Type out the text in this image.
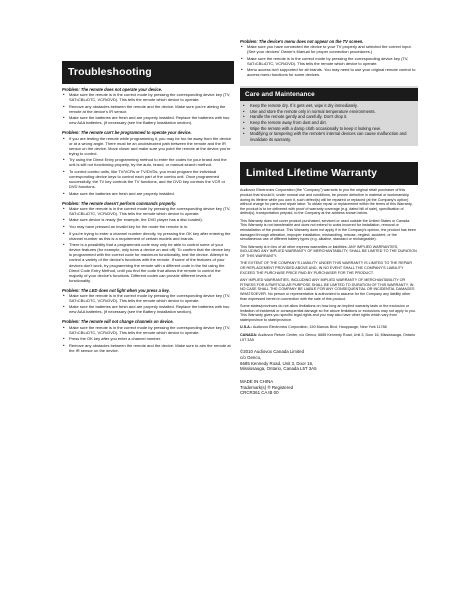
Troubleshooting
Problem: The remote does not operate your device.
• Make sure the remote is in the correct mode by pressing the corresponding device key (TV, SAT•CBL•DTC, VCR•DVD). This tells the remote which device to operate.
• Remove any obstacles between the remote and the device. Make sure you're aiming the remote at the device's IR sensor.
• Make sure the batteries are fresh and are properly installed. Replace the batteries with two new AAA batteries, (if necessary (see the Battery Installation section).
Problem: The remote can't be programmed to operate your device.
• If you are testing the remote while programming it, you may be too far away from the device or at a wrong angle. There must be an unobstructed path between the remote and the IR sensor on the device. Move closer and make sure you point the remote at the device you're trying to control.
• Try using the Direct Entry programming method to enter the codes for your brand and the unit is still not functioning properly, try the auto, brand, or manual search method.
• To control combo units, like TV/VCRs or TV/DVDs, you must program the individual corresponding device keys to control each part of the combo unit. Once programmed successfully, the TV key controls the TV functions, and the DVD key controls the VCR or DVD functions.
• Make sure the batteries are fresh and are properly installed.
Problem: The remote doesn't perform commands properly.
• Make sure the remote is in the correct mode by pressing the corresponding device key (TV, SAT•CBL•DTC, VCR•DVD). This tells the remote which device to operate.
• Make sure device is ready (for example, the DVD player has a disc loaded).
• You may have pressed an invalid key for the mode the remote is in.
• If you're trying to enter a channel number directly, try pressing the OK key after entering the channel number as this is a requirement of certain models and brands.
• There is a possibility that a programmed code may only be able to control some of your device features (for example, only turns a device on and off). To confirm that the device key is programmed with the correct code for maximum functionality, test the device. Attempt to control a variety of the device's functions with the remote. If some of the features of your devices don't work, try programming the remote with a different code in the list using the Direct Code Entry Method, until you find the code that allows the remote to control the majority of your device's functions. Different codes can provide different levels of functionality.
Problem: The LED does not light when you press a key.
• Make sure the remote is in the correct mode by pressing the corresponding device key (TV, SAT•CBL•DTC, VCR•DVD). This tells the remote which device to operate.
• Make sure the batteries are fresh and are properly installed. Replace the batteries with two new AAA batteries, (if necessary (see the Battery Installation section).
Problem: The remote will not change channels on device.
• Make sure the remote is in the correct mode by pressing the corresponding device key (TV, SAT•CBL•DTC, VCR•DVD). This tells the remote which device to operate.
• Press the OK key after you enter a channel number.
• Remove any obstacles between the remote and the device. Make sure to aim the remote at the IR sensor on the device.
Problem: The device's menu does not appear on the TV screen.
• Make sure you have connected the device to your TV properly and selected the correct input. (See your devices' Owner's Manual for proper connection procedures.)
• Make sure the remote is in the correct mode by pressing the corresponding device key (TV, SAT•CBL•DTC, VCR•DVD). This tells the remote which device to operate.
• Menu access isn't supported for all brands. You may need to use your original remote control to access menu functions for some devices.
Care and Maintenance
• Keep the remote dry. If it gets wet, wipe it dry immediately.
• Use and store the remote only in normal temperature environments.
• Handle the remote gently and carefully. Don't drop it.
• Keep the remote away from dust and dirt.
• Wipe the remote with a damp cloth occasionally to keep it looking new.
• Modifying or tampering with the remote's internal devices can cause malfunction and invalidate its warranty.
Limited Lifetime Warranty

Audiovox Electronics Corporation (the "Company") warrants to you the original retail purchaser of this product that should it, under normal use and conditions, be proven defective in material or workmanship during its lifetime while you own it, such defect(s) will be repaired or replaced (at the Company's option) without charge for parts and repair labor. To obtain repair or replacement within the terms of this Warranty, the product is to be delivered with proof of warranty coverage (e.g. dated bill of sale), specification of defect(s), transportation prepaid, to the Company at the address shown below.

This Warranty does not cover product purchased, serviced or used outside the United States or Canada. This Warranty is not transferable and does not extend to costs incurred for installation, removal or reinstallation of the product. This Warranty does not apply if in the Company's opinion, the product has been damaged through alteration, improper installation, mishandling, misuse, neglect, accident, or the simultaneous use of different battery types (e.g. alkaline, standard or rechargeable).

This Warranty is in lieu of all other express warranties or liabilities. ANY IMPLIED WARRANTIES, INCLUDING ANY IMPLIED WARRANTY OF MERCHANTABILITY, SHALL BE LIMITED TO THE DURATION OF THIS WARRANTY.

THE EXTENT OF THE COMPANY'S LIABILITY UNDER THIS WARRANTY IS LIMITED TO THE REPAIR OR REPLACEMENT PROVIDED ABOVE AND, IN NO EVENT SHALL THE COMPANY'S LIABILITY EXCEED THE PURCHASE PRICE PAID BY PURCHASER FOR THE PRODUCT.

ANY IMPLIED WARRANTIES, INCLUDING ANY IMPLIED WARRANTY OF MERCHANTABILITY OR FITNESS FOR A PARTICULAR PURPOSE SHALL BE LIMITED TO DURATION OF THIS WARRANTY. IN NO CASE SHALL THE COMPANY BE LIABLE FOR ANY CONSEQUENTIAL OR INCIDENTAL DAMAGES WHATSOEVER. No person or representative is authorized to assume for the Company any liability other than expressed herein in connection with the sale of this product.

Some states/provinces do not allow limitations on how long an implied warranty lasts or the exclusion or limitation of incidental or consequential damage so the above limitations or exclusions may not apply to you. This Warranty gives you specific legal rights and you may also have other rights which vary from state/province to state/province.

U.S.A.: Audiovox Electronics Corporation, 150 Marcus Blvd, Hauppauge, New York 11788

CANADA: Audiovox Return Center, c/o Genco, 6685 Kennedy Road, Unit 3, Door 16, Mississauga, Ontario L5T 3A5

©2010 Audiovox Canada Limited
c/o Genco,
6685 Kennedy Road, Unit 3, Door 16,
Mississauga, Ontario, Canada L5T 3A5

MADE IN CHINA
Trademark(s) ® Registered
CRCR361 CA IB 00
